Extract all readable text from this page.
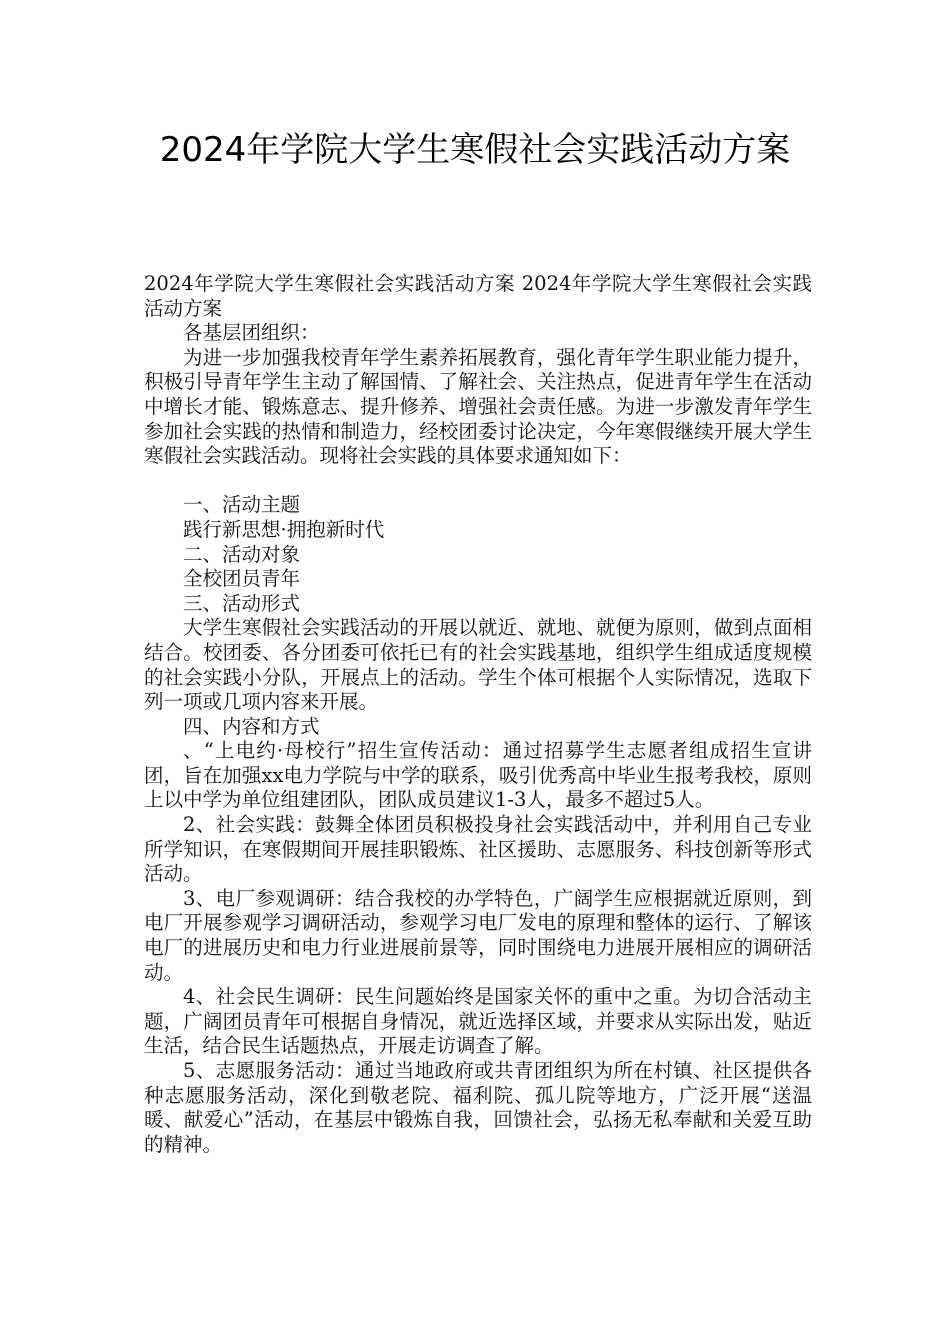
2024年学院大学生寒假社会实践活动方案

2024年学院大学生寒假社会实践活动方案 2024年学院大学生寒假社会实践活动方案

各基层团组织：

为进一步加强我校青年学生素养拓展教育，强化青年学生职业能力提升，积极引导青年学生主动了解国情、了解社会、关注热点，促进青年学生在活动中增长才能、锻炼意志、提升修养、增强社会责任感。为进一步激发青年学生参加社会实践的热情和制造力，经校团委讨论决定，今年寒假继续开展大学生寒假社会实践活动。现将社会实践的具体要求通知如下：

一、活动主题

践行新思想·拥抱新时代

二、活动对象

全校团员青年

三、活动形式

大学生寒假社会实践活动的开展以就近、就地、就便为原则，做到点面相结合。校团委、各分团委可依托已有的社会实践基地，组织学生组成适度规模的社会实践小分队，开展点上的活动。学生个体可根据个人实际情况，选取下列一项或几项内容来开展。

四、内容和方式

、“上电约·母校行”招生宣传活动：通过招募学生志愿者组成招生宣讲团，旨在加强xx电力学院与中学的联系，吸引优秀高中毕业生报考我校，原则上以中学为单位组建团队，团队成员建议1-3人，最多不超过5人。

2、社会实践：鼓舞全体团员积极投身社会实践活动中，并利用自己专业所学知识，在寒假期间开展挂职锻炼、社区援助、志愿服务、科技创新等形式活动。

3、电厂参观调研：结合我校的办学特色，广阔学生应根据就近原则，到电厂开展参观学习调研活动，参观学习电厂发电的原理和整体的运行、了解该电厂的进展历史和电力行业进展前景等，同时围绕电力进展开展相应的调研活动。

4、社会民生调研：民生问题始终是国家关怀的重中之重。为切合活动主题，广阔团员青年可根据自身情况，就近选择区域，并要求从实际出发，贴近生活，结合民生话题热点，开展走访调查了解。

5、志愿服务活动：通过当地政府或共青团组织为所在村镇、社区提供各种志愿服务活动，深化到敬老院、福利院、孤儿院等地方，广泛开展“送温暖、献爱心”活动，在基层中锻炼自我，回馈社会，弘扬无私奉献和关爱互助的精神。
